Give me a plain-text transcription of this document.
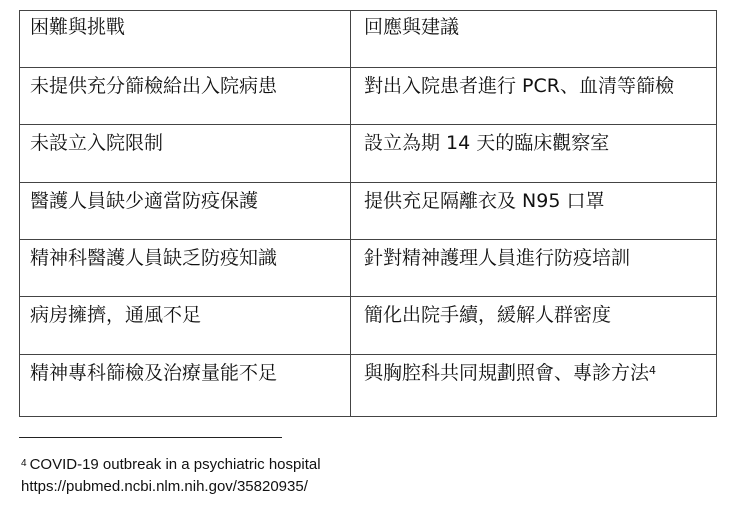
困難與挑戰	回應與建議
未提供充分篩檢給出入院病患	對出入院患者進行 PCR、血清等篩檢
未設立入院限制	設立為期 14 天的臨床觀察室
醫護人員缺少適當防疫保護	提供充足隔離衣及 N95 口罩
精神科醫護人員缺乏防疫知識	針對精神護理人員進行防疫培訓
病房擁擠，通風不足	簡化出院手續，緩解人群密度
精神專科篩檢及治療量能不足	與胸腔科共同規劃照會、專診方法$^4$
$^4$ COVID-19 outbreak in a psychiatric hospital
https://pubmed.ncbi.nlm.nih.gov/35820935/
